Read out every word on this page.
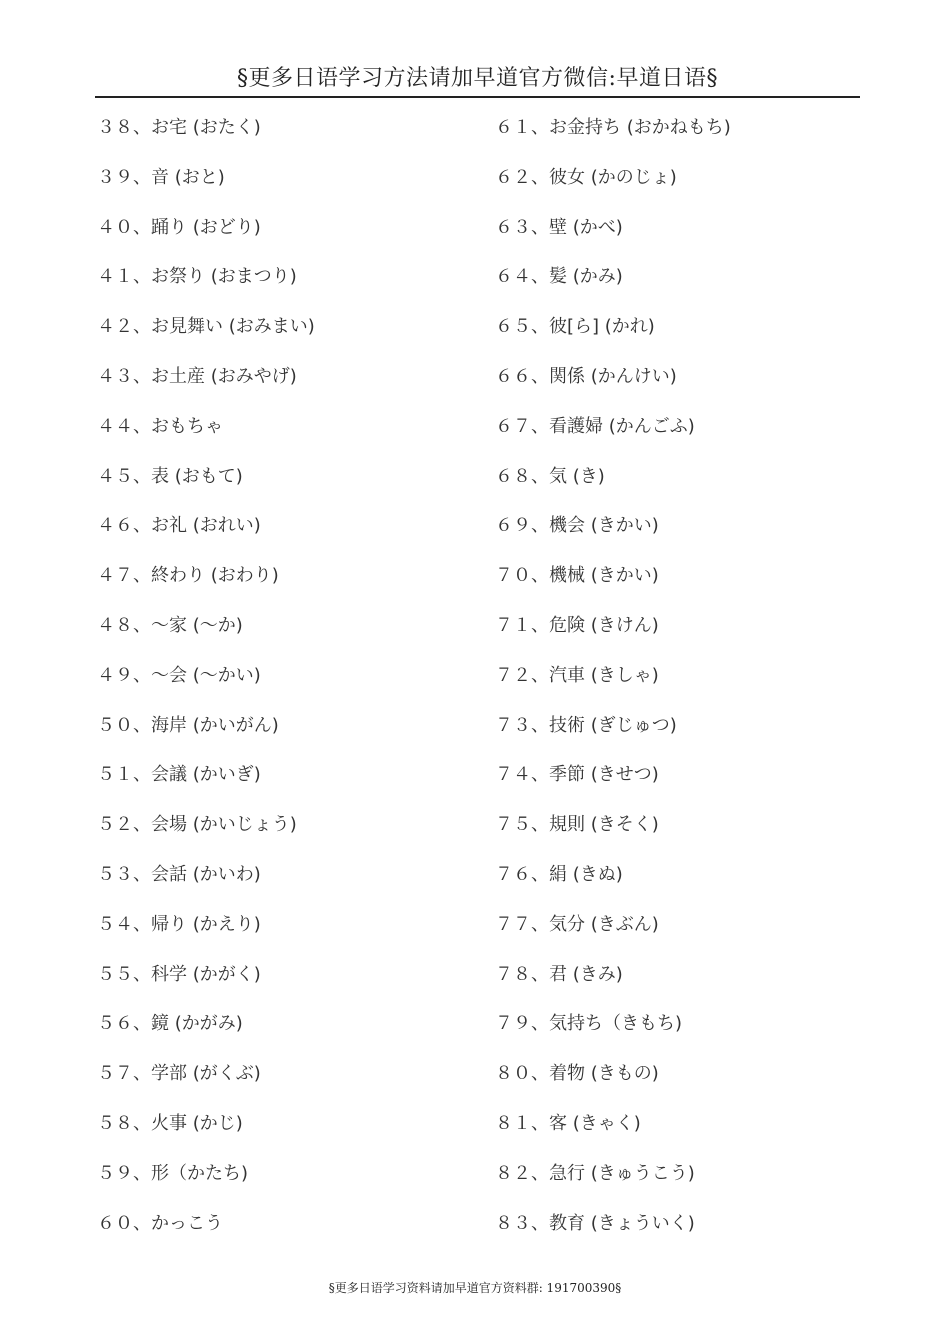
§更多日语学习方法请加早道官方微信:早道日语§
３８、お宅 (おたく)
３９、音 (おと)
４０、踊り (おどり)
４１、お祭り (おまつり)
４２、お見舞い (おみまい)
４３、お土産 (おみやげ)
４４、おもちゃ
４５、表 (おもて)
４６、お礼 (おれい)
４７、終わり (おわり)
４８、～家 (～か)
４９、～会 (～かい)
５０、海岸 (かいがん)
５１、会議 (かいぎ)
５２、会場 (かいじょう)
５３、会話 (かいわ)
５４、帰り (かえり)
５５、科学 (かがく)
５６、鏡 (かがみ)
５７、学部 (がくぶ)
５８、火事 (かじ)
５９、形（かたち)
６０、かっこう
６１、お金持ち (おかねもち)
６２、彼女 (かのじょ)
６３、壁 (かべ)
６４、髪 (かみ)
６５、彼[ら] (かれ)
６６、関係 (かんけい)
６７、看護婦 (かんごふ)
６８、気 (き)
６９、機会 (きかい)
７０、機械 (きかい)
７１、危険 (きけん)
７２、汽車 (きしゃ)
７３、技術 (ぎじゅつ)
７４、季節 (きせつ)
７５、規則 (きそく)
７６、絹 (きぬ)
７７、気分 (きぶん)
７８、君 (きみ)
７９、気持ち（きもち)
８０、着物 (きもの)
８１、客 (きゃく)
８２、急行 (きゅうこう)
８３、教育 (きょういく)
§更多日语学习资料请加早道官方资料群: 191700390§
